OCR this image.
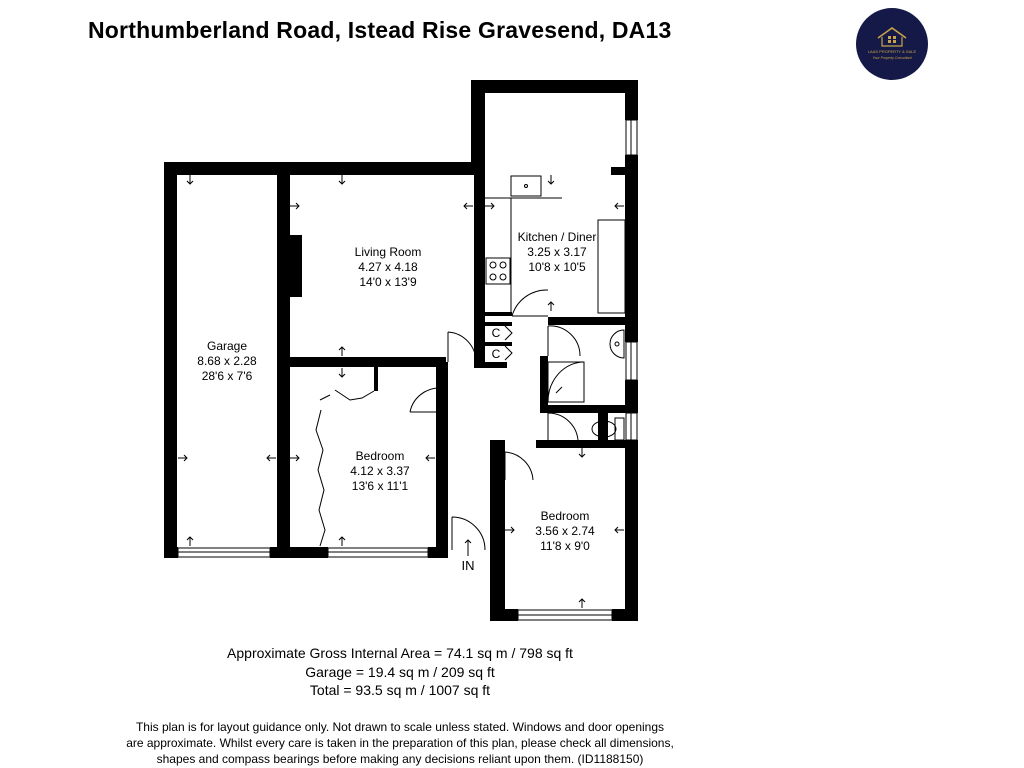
Northumberland Road, Istead Rise Gravesend, DA13
LAAS PROPERTY & SALE
Your Property Consultant
Garage
8.68 x 2.28
28'6 x 7'6
Living Room
4.27 x 4.18
14'0 x 13'9
Kitchen / Diner
3.25 x 3.17
10'8 x 10'5
Bedroom
4.12 x 3.37
13'6 x 11'1
Bedroom
3.56 x 2.74
11'8 x 9'0
C
C
IN
Approximate Gross Internal Area = 74.1 sq m / 798 sq ft
Garage = 19.4 sq m / 209 sq ft
Total = 93.5 sq m / 1007 sq ft
This plan is for layout guidance only. Not drawn to scale unless stated. Windows and door openings
are approximate. Whilst every care is taken in the preparation of this plan, please check all dimensions,
shapes and compass bearings before making any decisions reliant upon them. (ID1188150)
